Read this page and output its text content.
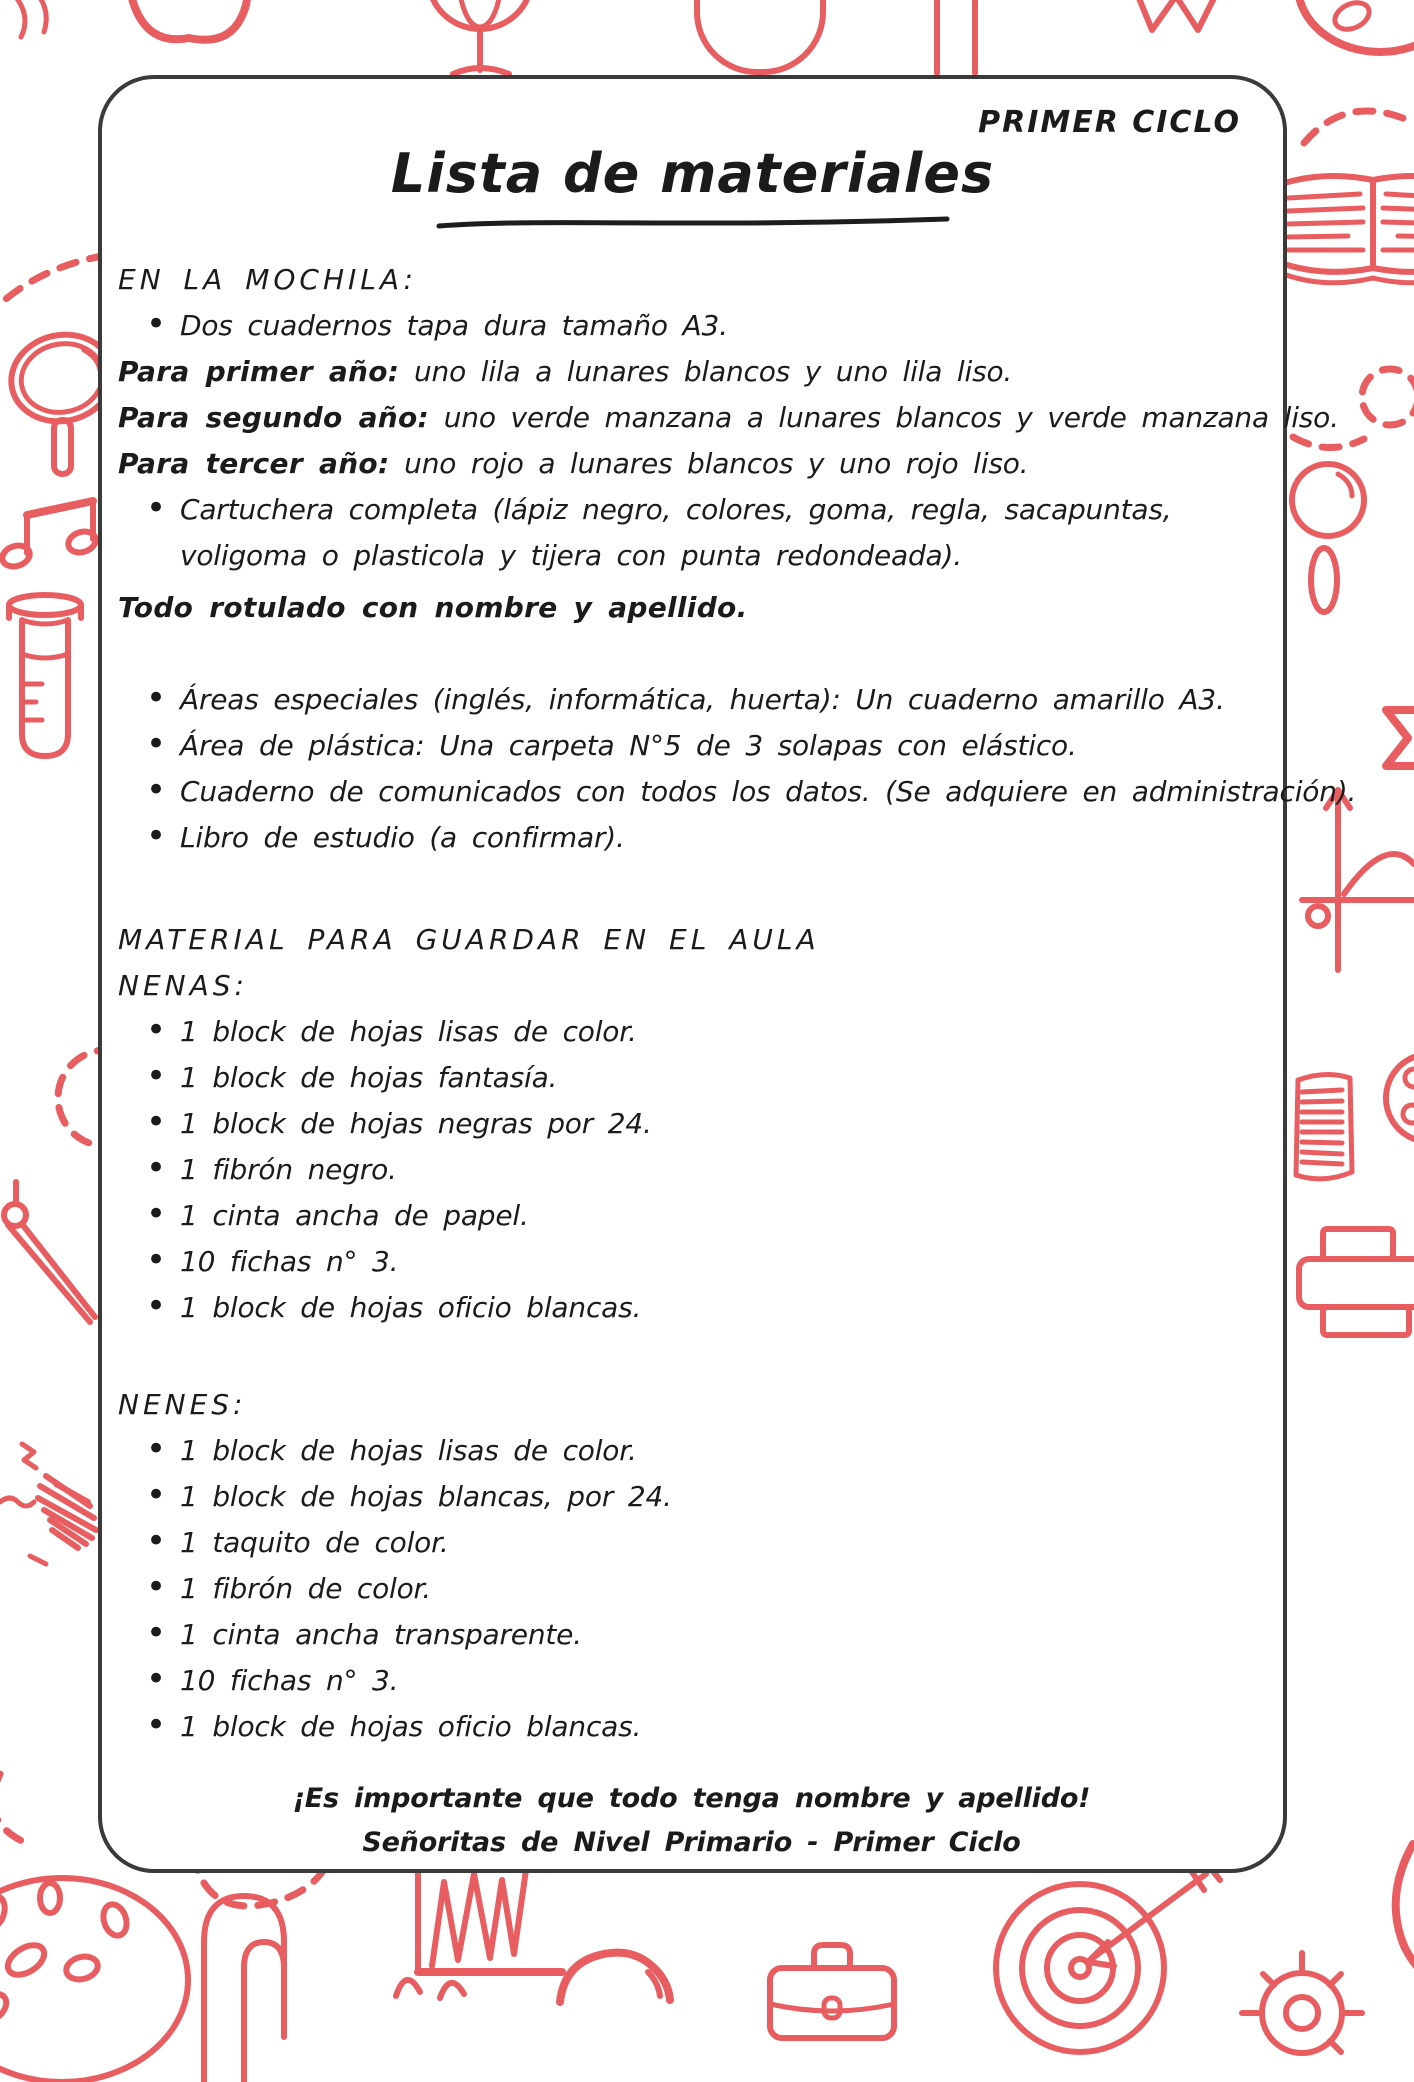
PRIMER CICLO
Lista de materiales

EN LA MOCHILA:

• Dos cuadernos tapa dura tamaño A3.

Para primer año: uno lila a lunares blancos y uno lila liso.

Para segundo año: uno verde manzana a lunares blancos y verde manzana liso.

Para tercer año: uno rojo a lunares blancos y uno rojo liso.

• Cartuchera completa (lápiz negro, colores, goma, regla, sacapuntas, voligoma o plasticola y tijera con punta redondeada).

Todo rotulado con nombre y apellido.

• Áreas especiales (inglés, informática, huerta): Un cuaderno amarillo A3.
• Área de plástica: Una carpeta N°5 de 3 solapas con elástico.
• Cuaderno de comunicados con todos los datos. (Se adquiere en administración).
• Libro de estudio (a confirmar).

MATERIAL PARA GUARDAR EN EL AULA

NENAS:

• 1 block de hojas lisas de color.
• 1 block de hojas fantasía.
• 1 block de hojas negras por 24.
• 1 fibrón negro.
• 1 cinta ancha de papel.
• 10 fichas n° 3.
• 1 block de hojas oficio blancas.

NENES:

• 1 block de hojas lisas de color.
• 1 block de hojas blancas, por 24.
• 1 taquito de color.
• 1 fibrón de color.
• 1 cinta ancha transparente.
• 10 fichas n° 3.
• 1 block de hojas oficio blancas.

¡Es importante que todo tenga nombre y apellido!

Señoritas de Nivel Primario - Primer Ciclo
